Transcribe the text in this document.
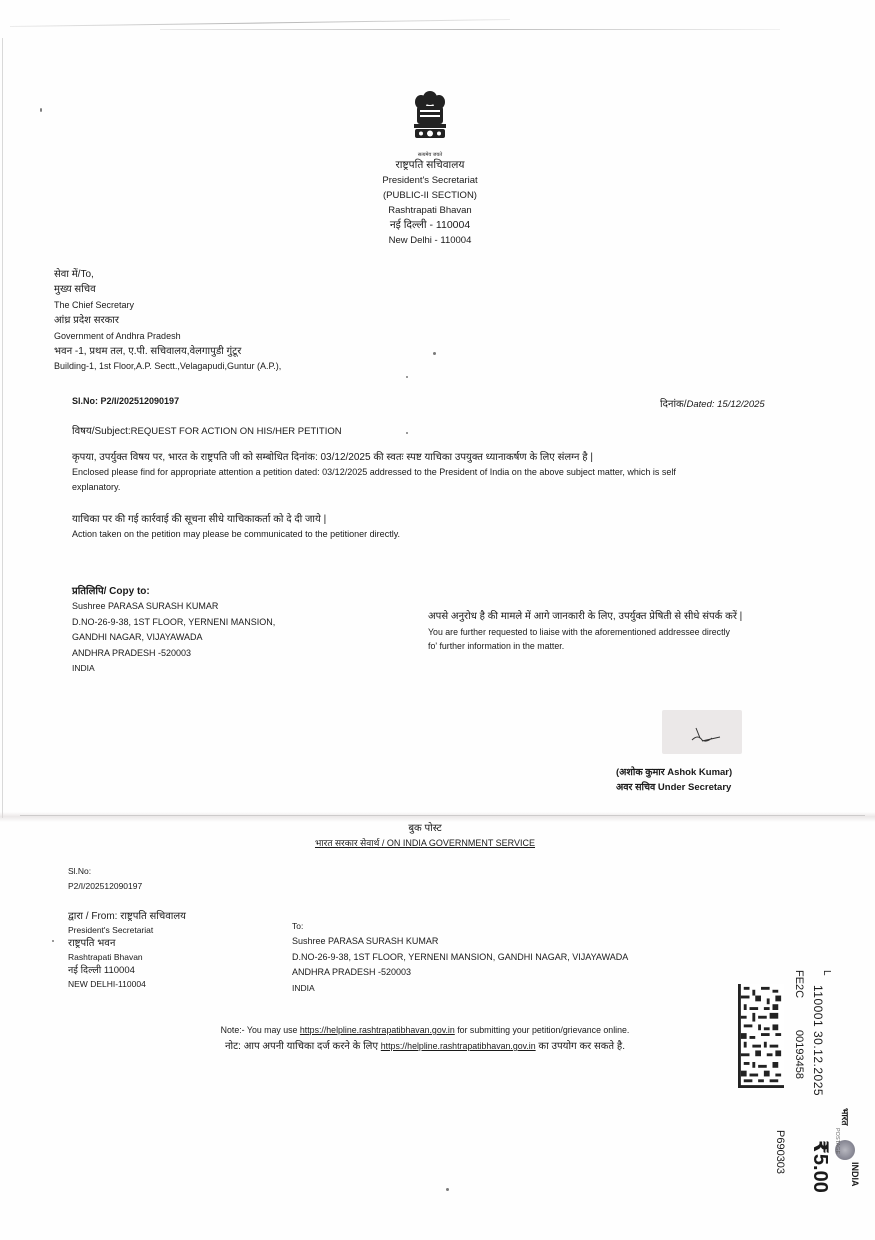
सत्यमेव जयते
राष्ट्रपति सचिवालय
President's Secretariat
(PUBLIC-II SECTION)
Rashtrapati Bhavan
नई दिल्ली - 110004
New Delhi - 110004
सेवा में/To,
मुख्य सचिव
The Chief Secretary
आंध्र प्रदेश सरकार
Government of Andhra Pradesh
भवन -1, प्रथम तल, ए.पी. सचिवालय,वेलगापुडी गुंटूर
Building-1, 1st Floor,A.P. Sectt.,Velagapudi,Guntur (A.P.),
Sl.No: P2/I/202512090197	दिनांक/Dated: 15/12/2025
विषय/Subject:REQUEST FOR ACTION ON HIS/HER PETITION
कृपया, उपर्युक्त विषय पर, भारत के राष्ट्रपति जी को सम्बोधित दिनांक: 03/12/2025 की स्वतः स्पष्ट याचिका उपयुक्त ध्यानाकर्षण के लिए संलग्न है |
Enclosed please find for appropriate attention a petition dated: 03/12/2025 addressed to the President of India on the above subject matter, which is self
explanatory.
याचिका पर की गई कार्रवाई की सूचना सीधे याचिकाकर्ता को दे दी जाये |
Action taken on the petition may please be communicated to the petitioner directly.
प्रतिलिपि/ Copy to:
Sushree PARASA SURASH KUMAR
D.NO-26-9-38, 1ST FLOOR, YERNENI MANSION,
GANDHI NAGAR, VIJAYAWADA
ANDHRA PRADESH -520003
INDIA
अपसे अनुरोध है की मामले में आगे जानकारी के लिए, उपर्युक्त प्रेषिती से सीधे संपर्क करें |
You are further requested to liaise with the aforementioned addressee directly
fo' further information in the matter.
(अशोक कुमार Ashok Kumar)
अवर सचिव Under Secretary
बुक पोस्ट
भारत सरकार सेवार्थ / ON INDIA GOVERNMENT SERVICE
Sl.No:
P2/I/202512090197
द्वारा / From: राष्ट्रपति सचिवालय
President's Secretariat
राष्ट्रपति भवन
Rashtrapati Bhavan
नई दिल्ली 110004
NEW DELHI-110004
To:
Sushree PARASA SURASH KUMAR
D.NO-26-9-38, 1ST FLOOR, YERNENI MANSION, GANDHI NAGAR, VIJAYAWADA
ANDHRA PRADESH -520003
INDIA
Note:- You may use https://helpline.rashtrapatibhavan.gov.in for submitting your petition/grievance online.
नोट: आप अपनी याचिका दर्ज करने के लिए https://helpline.rashtrapatibhavan.gov.in का उपयोग कर सकते है.
L
110001 30.12.2025
FE2C
00193458
भारत
INDIA
POSTAGE
₹5.00
P690303
